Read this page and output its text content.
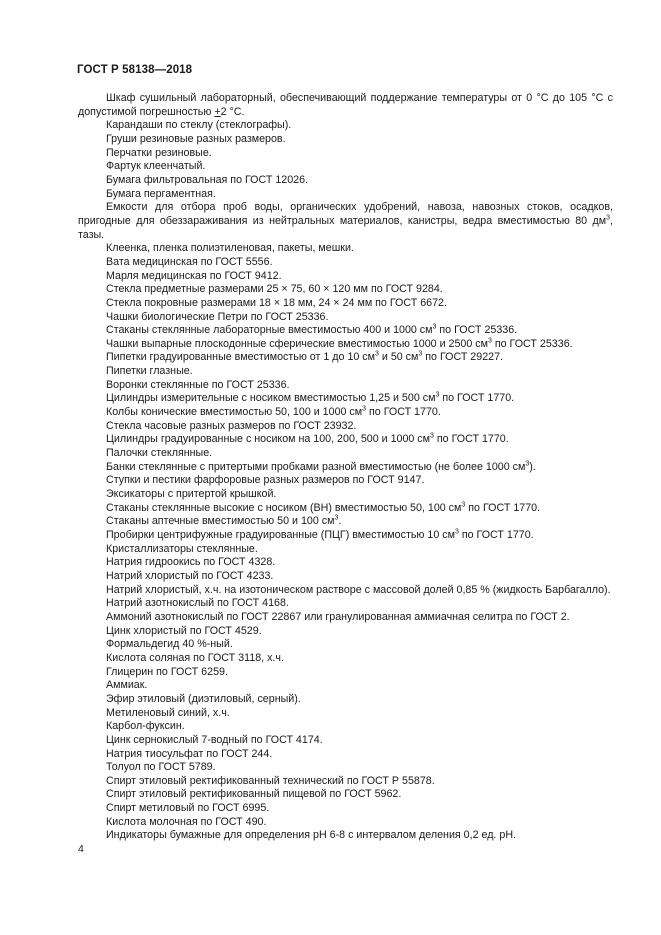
ГОСТ Р 58138—2018

Шкаф сушильный лабораторный, обеспечивающий поддержание температуры от 0 °С до 105 °С с допустимой погрешностью +2 °С.

Карандаши по стеклу (стеклографы).

Груши резиновые разных размеров.

Перчатки резиновые.

Фартук клеенчатый.

Бумага фильтровальная по ГОСТ 12026.

Бумага пергаментная.

Емкости для отбора проб воды, органических удобрений, навоза, навозных стоков, осадков, пригодные для обеззараживания из нейтральных материалов, канистры, ведра вместимостью 80 $дм^3$, тазы.

Клеенка, пленка полиэтиленовая, пакеты, мешки.

Вата медицинская по ГОСТ 5556.

Марля медицинская по ГОСТ 9412.

Стекла предметные размерами 25 × 75, 60 × 120 мм по ГОСТ 9284.

Стекла покровные размерами 18 × 18 мм, 24 × 24 мм по ГОСТ 6672.

Чашки биологические Петри по ГОСТ 25336.

Стаканы стеклянные лабораторные вместимостью 400 и 1000 $см^3$ по ГОСТ 25336.

Чашки выпарные плоскодонные сферические вместимостью 1000 и 2500 $см^3$ по ГОСТ 25336.

Пипетки градуированные вместимостью от 1 до 10 $см^3$ и 50 $см^3$ по ГОСТ 29227.

Пипетки глазные.

Воронки стеклянные по ГОСТ 25336.

Цилиндры измерительные с носиком вместимостью 1,25 и 500 $см^3$ по ГОСТ 1770.

Колбы конические вместимостью 50, 100 и 1000 $см^3$ по ГОСТ 1770.

Стекла часовые разных размеров по ГОСТ 23932.

Цилиндры градуированные с носиком на 100, 200, 500 и 1000 $см^3$ по ГОСТ 1770.

Палочки стеклянные.

Банки стеклянные с притертыми пробками разной вместимостью (не более 1000 $см^3$).

Ступки и пестики фарфоровые разных размеров по ГОСТ 9147.

Эксикаторы с притертой крышкой.

Стаканы стеклянные высокие с носиком (ВН) вместимостью 50, 100 $см^3$ по ГОСТ 1770.

Стаканы аптечные вместимостью 50 и 100 $см^3$.

Пробирки центрифужные градуированные (ПЦГ) вместимостью 10 $см^3$ по ГОСТ 1770.

Кристаллизаторы стеклянные.

Натрия гидроокись по ГОСТ 4328.

Натрий хлористый по ГОСТ 4233.

Натрий хлористый, х.ч. на изотоническом растворе с массовой долей 0,85 % (жидкость Барбагалло).

Натрий азотнокислый по ГОСТ 4168.

Аммоний азотнокислый по ГОСТ 22867 или гранулированная аммиачная селитра по ГОСТ 2.

Цинк хлористый по ГОСТ 4529.

Формальдегид 40 %-ный.

Кислота соляная по ГОСТ 3118, х.ч.

Глицерин по ГОСТ 6259.

Аммиак.

Эфир этиловый (диэтиловый, серный).

Метиленовый синий, х.ч.

Карбол-фуксин.

Цинк сернокислый 7-водный по ГОСТ 4174.

Натрия тиосульфат по ГОСТ 244.

Толуол по ГОСТ 5789.

Спирт этиловый ректификованный технический по ГОСТ Р 55878.

Спирт этиловый ректификованный пищевой по ГОСТ 5962.

Спирт метиловый по ГОСТ 6995.

Кислота молочная по ГОСТ 490.

Индикаторы бумажные для определения рН 6-8 с интервалом деления 0,2 ед. рН.

4
